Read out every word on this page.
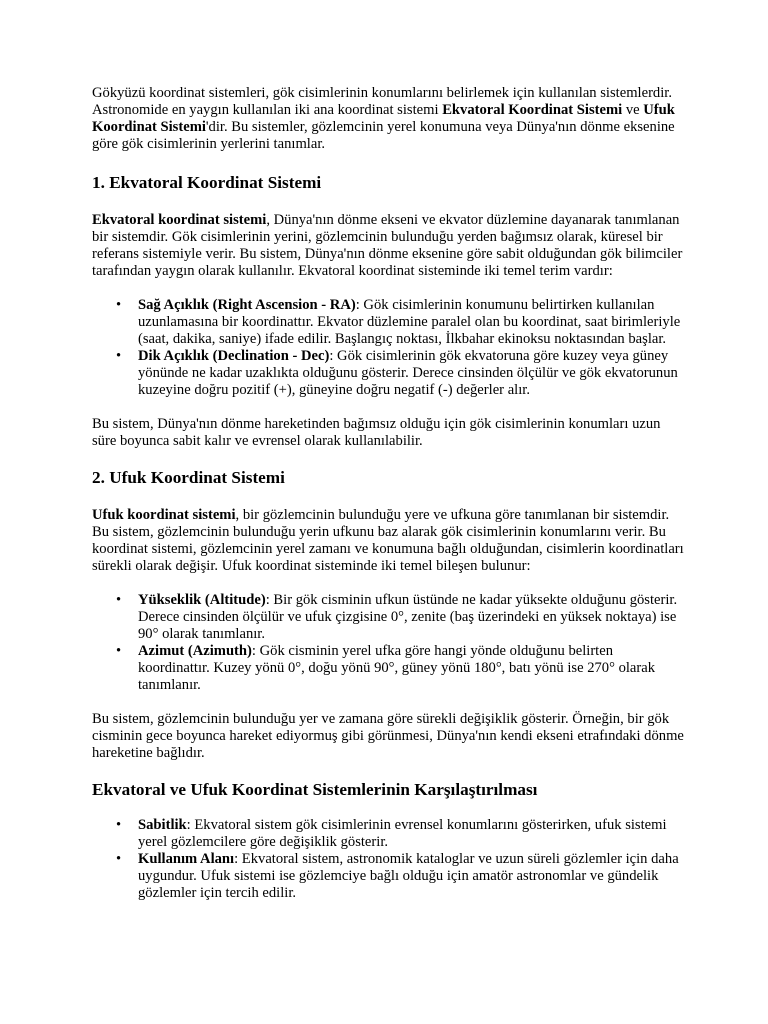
Gökyüzü koordinat sistemleri, gök cisimlerinin konumlarını belirlemek için kullanılan sistemlerdir. Astronomide en yaygın kullanılan iki ana koordinat sistemi Ekvatoral Koordinat Sistemi ve Ufuk Koordinat Sistemi'dir. Bu sistemler, gözlemcinin yerel konumuna veya Dünya'nın dönme eksenine göre gök cisimlerinin yerlerini tanımlar.

1. Ekvatoral Koordinat Sistemi

Ekvatoral koordinat sistemi, Dünya'nın dönme ekseni ve ekvator düzlemine dayanarak tanımlanan bir sistemdir. Gök cisimlerinin yerini, gözlemcinin bulunduğu yerden bağımsız olarak, küresel bir referans sistemiyle verir. Bu sistem, Dünya'nın dönme eksenine göre sabit olduğundan gök bilimciler tarafından yaygın olarak kullanılır. Ekvatoral koordinat sisteminde iki temel terim vardır:

• Sağ Açıklık (Right Ascension - RA): Gök cisimlerinin konumunu belirtirken kullanılan uzunlamasına bir koordinattır. Ekvator düzlemine paralel olan bu koordinat, saat birimleriyle (saat, dakika, saniye) ifade edilir. Başlangıç noktası, İlkbahar ekinoksu noktasından başlar.
• Dik Açıklık (Declination - Dec): Gök cisimlerinin gök ekvatoruna göre kuzey veya güney yönünde ne kadar uzaklıkta olduğunu gösterir. Derece cinsinden ölçülür ve gök ekvatorunun kuzeyine doğru pozitif (+), güneyine doğru negatif (-) değerler alır.

Bu sistem, Dünya'nın dönme hareketinden bağımsız olduğu için gök cisimlerinin konumları uzun süre boyunca sabit kalır ve evrensel olarak kullanılabilir.

2. Ufuk Koordinat Sistemi

Ufuk koordinat sistemi, bir gözlemcinin bulunduğu yere ve ufkuna göre tanımlanan bir sistemdir. Bu sistem, gözlemcinin bulunduğu yerin ufkunu baz alarak gök cisimlerinin konumlarını verir. Bu koordinat sistemi, gözlemcinin yerel zamanı ve konumuna bağlı olduğundan, cisimlerin koordinatları sürekli olarak değişir. Ufuk koordinat sisteminde iki temel bileşen bulunur:

• Yükseklik (Altitude): Bir gök cisminin ufkun üstünde ne kadar yüksekte olduğunu gösterir. Derece cinsinden ölçülür ve ufuk çizgisine 0°, zenite (baş üzerindeki en yüksek noktaya) ise 90° olarak tanımlanır.
• Azimut (Azimuth): Gök cisminin yerel ufka göre hangi yönde olduğunu belirten koordinattır. Kuzey yönü 0°, doğu yönü 90°, güney yönü 180°, batı yönü ise 270° olarak tanımlanır.

Bu sistem, gözlemcinin bulunduğu yer ve zamana göre sürekli değişiklik gösterir. Örneğin, bir gök cisminin gece boyunca hareket ediyormuş gibi görünmesi, Dünya'nın kendi ekseni etrafındaki dönme hareketine bağlıdır.

Ekvatoral ve Ufuk Koordinat Sistemlerinin Karşılaştırılması
• Sabitlik: Ekvatoral sistem gök cisimlerinin evrensel konumlarını gösterirken, ufuk sistemi yerel gözlemcilere göre değişiklik gösterir.
• Kullanım Alanı: Ekvatoral sistem, astronomik kataloglar ve uzun süreli gözlemler için daha uygundur. Ufuk sistemi ise gözlemciye bağlı olduğu için amatör astronomlar ve gündelik gözlemler için tercih edilir.
